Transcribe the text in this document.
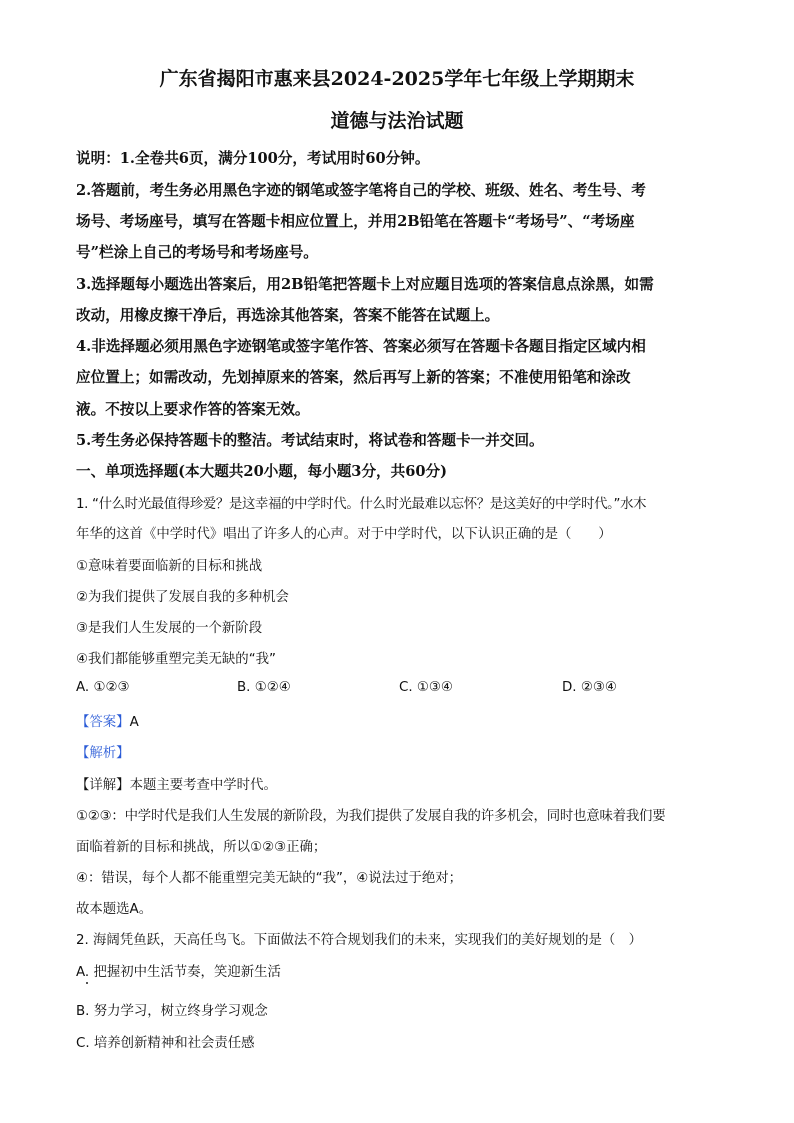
广东省揭阳市惠来县2024-2025学年七年级上学期期末
道德与法治试题
说明：1.全卷共6页，满分100分，考试用时60分钟。
2.答题前，考生务必用黑色字迹的钢笔或签字笔将自己的学校、班级、姓名、考生号、考
场号、考场座号，填写在答题卡相应位置上，并用2B铅笔在答题卡“考场号”、“考场座
号”栏涂上自己的考场号和考场座号。
3.选择题每小题选出答案后，用2B铅笔把答题卡上对应题目选项的答案信息点涂黑，如需
改动，用橡皮擦干净后，再选涂其他答案，答案不能答在试题上。
4.非选择题必须用黑色字迹钢笔或签字笔作答、答案必须写在答题卡各题目指定区域内相
应位置上；如需改动，先划掉原来的答案，然后再写上新的答案；不准使用铅笔和涂改
液。不按以上要求作答的答案无效。
5.考生务必保持答题卡的整洁。考试结束时，将试卷和答题卡一并交回。
一、单项选择题(本大题共20小题，每小题3分，共60分)
1. “什么时光最值得珍爱？是这幸福的中学时代。什么时光最难以忘怀？是这美好的中学时代。”水木
年华的这首《中学时代》唱出了许多人的心声。对于中学时代，以下认识正确的是（　　）
①意味着要面临新的目标和挑战
②为我们提供了发展自我的多种机会
③是我们人生发展的一个新阶段
④我们都能够重塑完美无缺的“我”
A. ①②③	B. ①②④	C. ①③④	D. ②③④
【答案】A
【解析】
【详解】本题主要考查中学时代。
①②③：中学时代是我们人生发展的新阶段，为我们提供了发展自我的许多机会，同时也意味着我们要
面临着新的目标和挑战，所以①②③正确；
④：错误，每个人都不能重塑完美无缺的“我”，④说法过于绝对；
故本题选A。
2. 海阔凭鱼跃，天高任鸟飞。下面做法不符合规划我们的未来，实现我们的美好规划的是（　）
A. 把握初中生活节奏，笑迎新生活
B. 努力学习，树立终身学习观念
C. 培养创新精神和社会责任感
